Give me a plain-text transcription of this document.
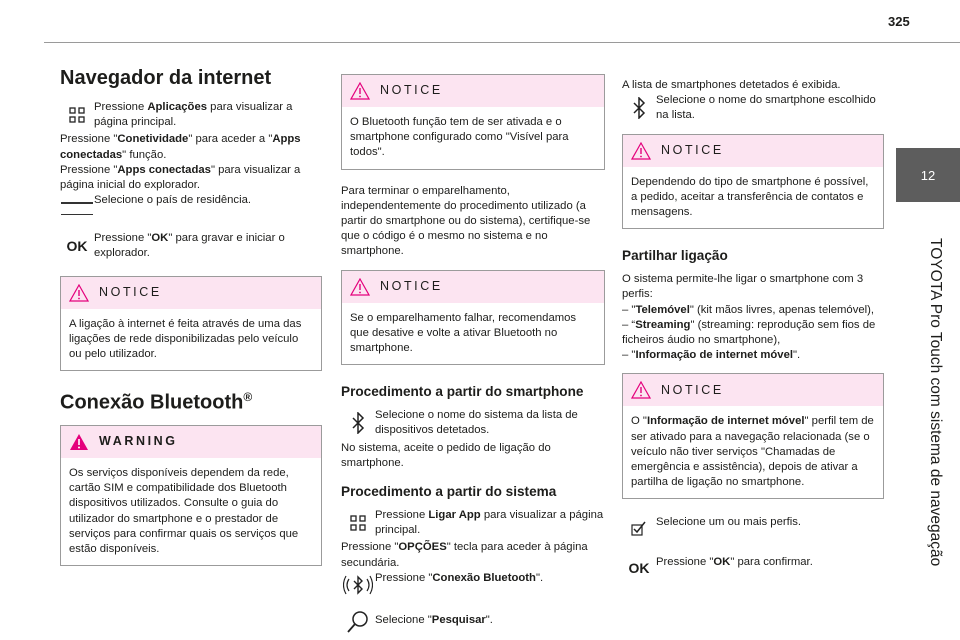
325
12
TOYOTA Pro Touch com sistema de navegação
Navegador da internet
Pressione Aplicações para visualizar a página principal.

Pressione "Conetividade" para aceder a "Apps conectadas" função.

Pressione "Apps conectadas" para visualizar a página inicial do explorador.

Selecione o país de residência.
OK Pressione "OK" para gravar e iniciar o explorador.
NOTICE
A ligação à internet é feita através de uma das ligações de rede disponibilizadas pelo veículo ou pelo utilizador.
Conexão Bluetooth®
WARNING
Os serviços disponíveis dependem da rede, cartão SIM e compatibilidade dos Bluetooth dispositivos utilizados. Consulte o guia do utilizador do smartphone e o prestador de serviços para confirmar quais os serviços que estão disponíveis.
NOTICE
O Bluetooth função tem de ser ativada e o smartphone configurado como "Visível para todos".

Para terminar o emparelhamento, independentemente do procedimento utilizado (a partir do smartphone ou do sistema), certifique-se que o código é o mesmo no sistema e no smartphone.

NOTICE
Se o emparelhamento falhar, recomendamos que desative e volte a ativar Bluetooth no smartphone.
Procedimento a partir do smartphone
Selecione o nome do sistema da lista de dispositivos detetados.

No sistema, aceite o pedido de ligação do smartphone.

Procedimento a partir do sistema
Pressione Ligar App para visualizar a página principal.

Pressione "OPÇÕES" tecla para aceder à página secundária.

Pressione "Conexão Bluetooth".
Selecione "Pesquisar".

A lista de smartphones detetados é exibida.

Selecione o nome do smartphone escolhido na lista.
NOTICE
Dependendo do tipo de smartphone é possível, a pedido, aceitar a transferência de contatos e mensagens.
Partilhar ligação

O sistema permite-lhe ligar o smartphone com 3 perfis:

– "Telemóvel" (kit mãos livres, apenas telemóvel),

– “Streaming" (streaming: reprodução sem fios de ficheiros áudio no smartphone),

– "Informação de internet móvel".

NOTICE
O "Informação de internet móvel" perfil tem de ser ativado para a navegação relacionada (se o veículo não tiver serviços "Chamadas de emergência e assistência), depois de ativar a partilha de ligação no smartphone.
Selecione um ou mais perfis.
OK Pressione "OK" para confirmar.
